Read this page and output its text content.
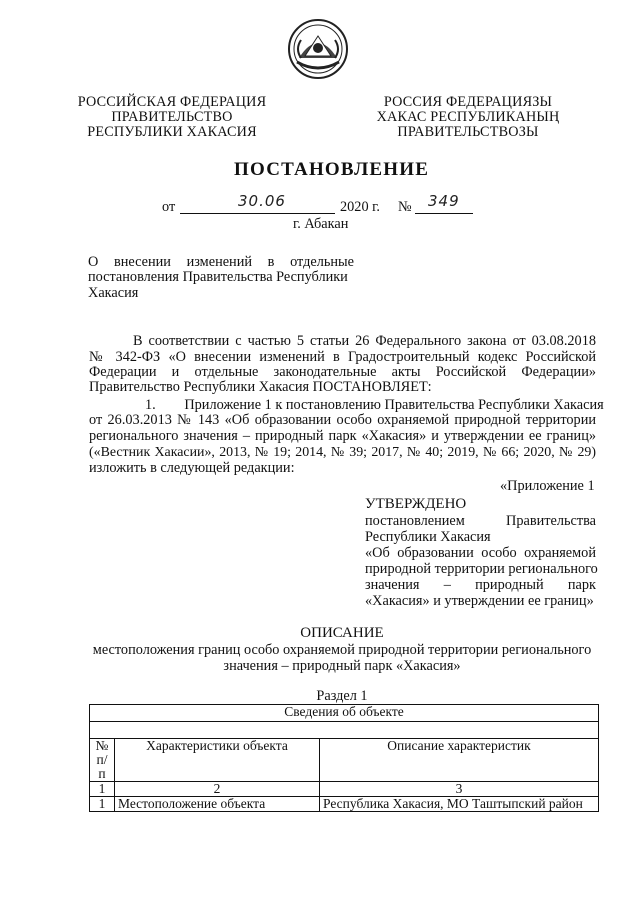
РОССИЙСКАЯ ФЕДЕРАЦИЯ
ПРАВИТЕЛЬСТВО
РЕСПУБЛИКИ ХАКАСИЯ
РОССИЯ ФЕДЕРАЦИЯЗЫ
ХАКАС РЕСПУБЛИКАНЫҢ
ПРАВИТЕЛЬСТВОЗЫ
ПОСТАНОВЛЕНИЕ
от	30.06	2020 г. № 349
г. Абакан
О внесении изменений в отдельные
постановления Правительства Республики
Хакасия
В соответствии с частью 5 статьи 26 Федерального закона от 03.08.2018
№ 342-ФЗ «О внесении изменений в Градостроительный кодекс Российской
Федерации и отдельные законодательные акты Российской Федерации»
Правительство Республики Хакасия ПОСТАНОВЛЯЕТ:
1.        Приложение 1 к постановлению Правительства Республики Хакасия
от 26.03.2013 № 143 «Об образовании особо охраняемой природной территории
регионального значения – природный парк «Хакасия» и утверждении ее границ»
(«Вестник Хакасии», 2013, № 19; 2014, № 39; 2017, № 40; 2019, № 66; 2020, № 29)
изложить в следующей редакции:
«Приложение 1
УТВЕРЖДЕНО
постановлением Правительства
Республики Хакасия
«Об образовании особо охраняемой
природной территории регионального
значения – природный парк
«Хакасия» и утверждении ее границ»
ОПИСАНИЕ
местоположения границ особо охраняемой природной территории регионального
значения – природный парк «Хакасия»
Раздел 1
Сведения об объекте		

№ п/п	Характеристики объекта	Описание характеристик
1	2	3
1	Местоположение объекта	Республика Хакасия, МО Таштыпский район
